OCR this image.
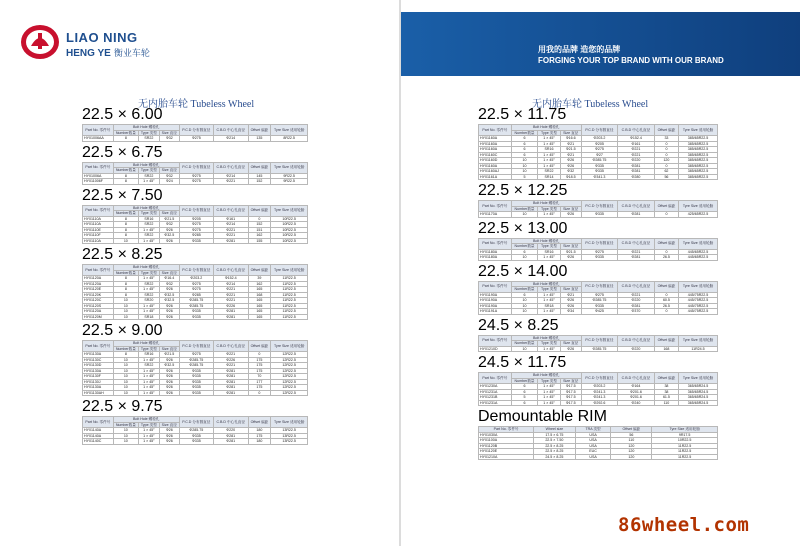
LIAO NING
HENG YE 衡业车轮	用我的品牌 造您的品牌
FORGING YOUR TOP BRAND WITH OUR BRAND
无内胎车轮 Tubeless Wheel	无内胎车轮 Tubeless Wheel
22.5 × 6.00
Part No. 零件号	Bolt Hole 螺栓孔			P.C.D 分布圆直径	C.B.D 中心孔直径	Offset 偏距	Tyre Size 适用轮胎
	Number数量	Type 类型	Size 直径				
HY01006AA	8	SR22	Φ32	Φ275	Φ214	135	8R22.5
22.5 × 6.75
Part No. 零件号	Bolt Hole 螺栓孔			P.C.D 分布圆直径	C.B.D 中心孔直径	Offset 偏距	Tyre Size 适用轮胎
	Number数量	Type 类型	Size 直径				
HY01006A	8	SR22	Φ32	Φ275	Φ214	145	9R22.5
HY011006F	8	1 × 45°	Φ24	Φ275	Φ221	152	9R22.5
22.5 × 7.50
Part No. 零件号	Bolt Hole 螺栓孔			P.C.D 分布圆直径	C.B.D 中心孔直径	Offset 偏距	Tyre Size 适用轮胎
	Number数量	Type 类型	Size 直径				
HY01110A	8	SR16	Φ21.5	Φ205	Φ161	0	10R22.5
HY01110A	8	SR22	Φ32	Φ275	Φ214	152	10R22.5
HY01110E	8	1 × 45°	Φ26	Φ275	Φ221	151	10R22.5
HY01110F	8	SR22	Φ32.5	Φ285	Φ221	162	10R22.5
HY01110A	10	1 × 45°	Φ26	Φ335	Φ281	155	10R22.5
22.5 × 8.25
Part No. 零件号	Bolt Hole 螺栓孔			P.C.D 分布圆直径	C.B.D 中心孔直径	Offset 偏距	Tyre Size 适用轮胎
	Number数量	Type 类型	Size 直径				
HY01120A	8	1 × 45°	Φ16.4	Φ203.2	Φ152.4	39	11R22.5
HY01120A	8	SR22	Φ32	Φ275	Φ214	162	11R22.5
HY01120E	8	1 × 45°	Φ26	Φ275	Φ221	165	11R22.5
HY01120K	8	SR22	Φ32.5	Φ285	Φ221	168	11R22.5
HY01120C	10	SR20	Φ32.5	Φ285.75	Φ221	165	11R22.5
HY01120S	10	1 × 45°	Φ26	Φ285.75	Φ226	165	11R22.5
HY01120A	10	1 × 45°	Φ26	Φ335	Φ281	165	11R22.5
HY01120M	10	SR18	Φ26	Φ335	Φ281	165	11R22.5
22.5 × 9.00
Part No. 零件号	Bolt Hole 螺栓孔			P.C.D 分布圆直径	C.B.D 中心孔直径	Offset 偏距	Tyre Size 适用轮胎
	Number数量	Type 类型	Size 直径				
HY01130A	8	SR16	Φ21.5	Φ275	Φ221	0	12R22.5
HY01130C	10	1 × 45°	Φ26	Φ285.75	Φ226	175	12R22.5
HY01130D	10	SR22	Φ32.5	Φ285.75	Φ221	175	12R22.5
HY01130A	10	1 × 45°	Φ26	Φ335	Φ281	175	12R22.5
HY01130F	10	1 × 45°	Φ26	Φ335	Φ281	70	12R22.5
HY01130J	10	1 × 45°	Φ26	Φ335	Φ281	177	12R22.5
HY01130A	10	1 × 45°	Φ26	Φ335	Φ281	175	12R22.5
HY01130AH	10	1 × 45°	Φ26	Φ335	Φ281	0	12R22.5
22.5 × 9.75
Part No. 零件号	Bolt Hole 螺栓孔			P.C.D 分布圆直径	C.B.D 中心孔直径	Offset 偏距	Tyre Size 适用轮胎
	Number数量	Type 类型	Size 直径				
HY01140A	10	1 × 45°	Φ26	Φ285.75	Φ220	180	13R22.5
HY01140A	10	1 × 45°	Φ26	Φ335	Φ281	175	13R22.5
HY01140C	10	1 × 45°	Φ26	Φ335	Φ281	180	13R22.5
22.5 × 11.75
Part No. 零件号	Bolt Hole 螺栓孔			P.C.D 分布圆直径	C.B.D 中心孔直径	Offset 偏距	Tyre Size 适用轮胎
	Number数量	Type 类型	Size 直径				
HY01160A	6	1 × 45°	Φ16.6	Φ203.2	Φ152.4	33	385/65R22.5
HY01160A	6	1 × 45°	Φ21	Φ205	Φ161	0	385/65R22.5
HY01160A	6	SR16	Φ21.5	Φ275	Φ221	0	385/65R22.5
HY01160C	6	1 × 45°	Φ21	Φ27	Φ221	0	385/65R22.5
HY01160D	10	1 × 45°	Φ26	Φ285.75	Φ220	120	385/65R22.5
HY01160A	10	1 × 45°	Φ26	Φ335	Φ281	0	385/65R22.5
HY01160AJ	10	SR22	Φ32	Φ335	Φ281	62	385/65R22.5
HY01161A	5	SR14	Φ18.5	Φ341.3	Φ280	56	385/65R22.5
22.5 × 12.25
Part No. 零件号	Bolt Hole 螺栓孔			P.C.D 分布圆直径	C.B.D 中心孔直径	Offset 偏距	Tyre Size 适用轮胎
	Number数量	Type 类型	Size 直径				
HY01170A	10	1 × 45°	Φ26	Φ335	Φ281	0	425/65R22.5
22.5 × 13.00
Part No. 零件号	Bolt Hole 螺栓孔			P.C.D 分布圆直径	C.B.D 中心孔直径	Offset 偏距	Tyre Size 适用轮胎
	Number数量	Type 类型	Size 直径				
HY01180A	6	SR16	Φ21.5	Φ275	Φ221	0	445/65R22.5
HY01180A	10	1 × 45°	Φ26	Φ335	Φ281	26.5	445/65R22.5
22.5 × 14.00
Part No. 零件号	Bolt Hole 螺栓孔			P.C.D 分布圆直径	C.B.D 中心孔直径	Offset 偏距	Tyre Size 适用轮胎
	Number数量	Type 类型	Size 直径				
HY01190A	6	1 × 45°	Φ21	Φ275	Φ221	0	445/75R22.5
HY01190A	10	1 × 45°	Φ26	Φ285.75	Φ220	60.5	445/75R22.5
HY01190A	10	SR18	Φ26	Φ335	Φ281	26.5	445/75R22.5
HY01191A	10	1 × 45°	Φ34	Φ425	Φ370	0	445/75R22.5
24.5 × 8.25
Part No. 零件号	Bolt Hole 螺栓孔			P.C.D 分布圆直径	C.B.D 中心孔直径	Offset 偏距	Tyre Size 适用轮胎
	Number数量	Type 类型	Size 直径				
HY01210D	10	1 × 45°	Φ26	Φ285.75	Φ220	168	11R24.5
24.5 × 11.75
Part No. 零件号	Bolt Hole 螺栓孔			P.C.D 分布圆直径	C.B.D 中心孔直径	Offset 偏距	Tyre Size 适用轮胎
	Number数量	Type 类型	Size 直径				
HY01230A	6	1 × 45°	Φ17.5	Φ203.2	Φ164	38	365/65R24.5
HY01231A	6	1 × 45°	Φ17.5	Φ241.3	Φ201.6	38	365/65R24.5
HY01231B	5	1 × 45°	Φ17.5	Φ241.3	Φ201.6	61.5	365/65R24.5
HY01231A	6	1 × 45°	Φ17.5	Φ292.6	Φ240	110	365/65R24.5
Demountable RIM
Part No. 零件号	Wheel size	TRA 类型	Offset 偏距	Tyre Size 适用轮胎
HY01030A	17.5 × 6.75	USA	56	9R17.5
HY01100A	22.5 × 7.50	USA	110	10R22.5
HY01120B	22.5 × 8.25	USA	120	11R22.5
HY01120E	22.5 × 8.25	EUC	120	11R22.5
HY01210A	24.5 × 8.25	USA	120	11R22.5
86wheel.com
